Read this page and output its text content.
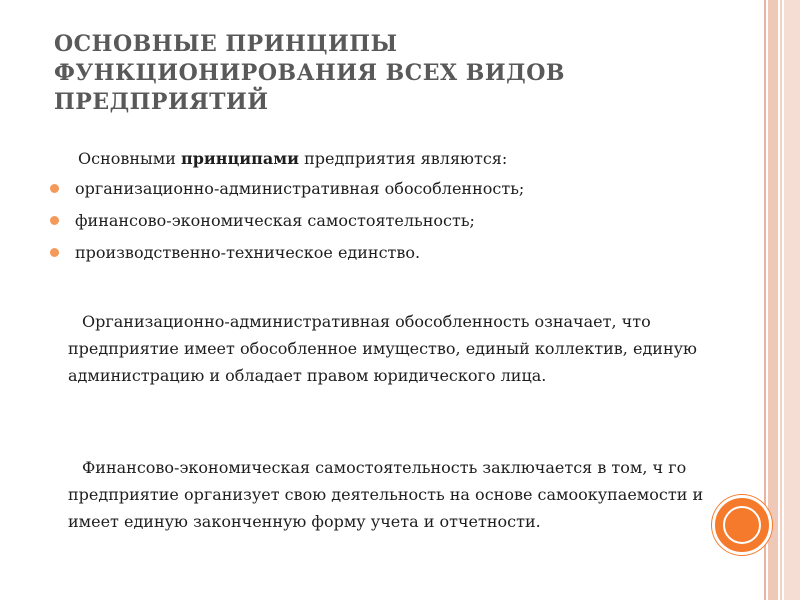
ОСНОВНЫЕ ПРИНЦИПЫ ФУНКЦИОНИРОВАНИЯ ВСЕХ ВИДОВ ПРЕДПРИЯТИЙ
Основными принципами предприятия являются:
организационно-административная обособленность;
финансово-экономическая самостоятельность;
производственно-техническое единство.
Организационно-административная обособленность означает, что предприятие имеет обособленное имущество, единый коллектив, единую администрацию и обладает правом юридического лица.
Финансово-экономическая самостоятельность заключается в том, ч го предприятие организует свою деятельность на основе самоокупаемости и имеет единую законченную форму учета и отчетности.
